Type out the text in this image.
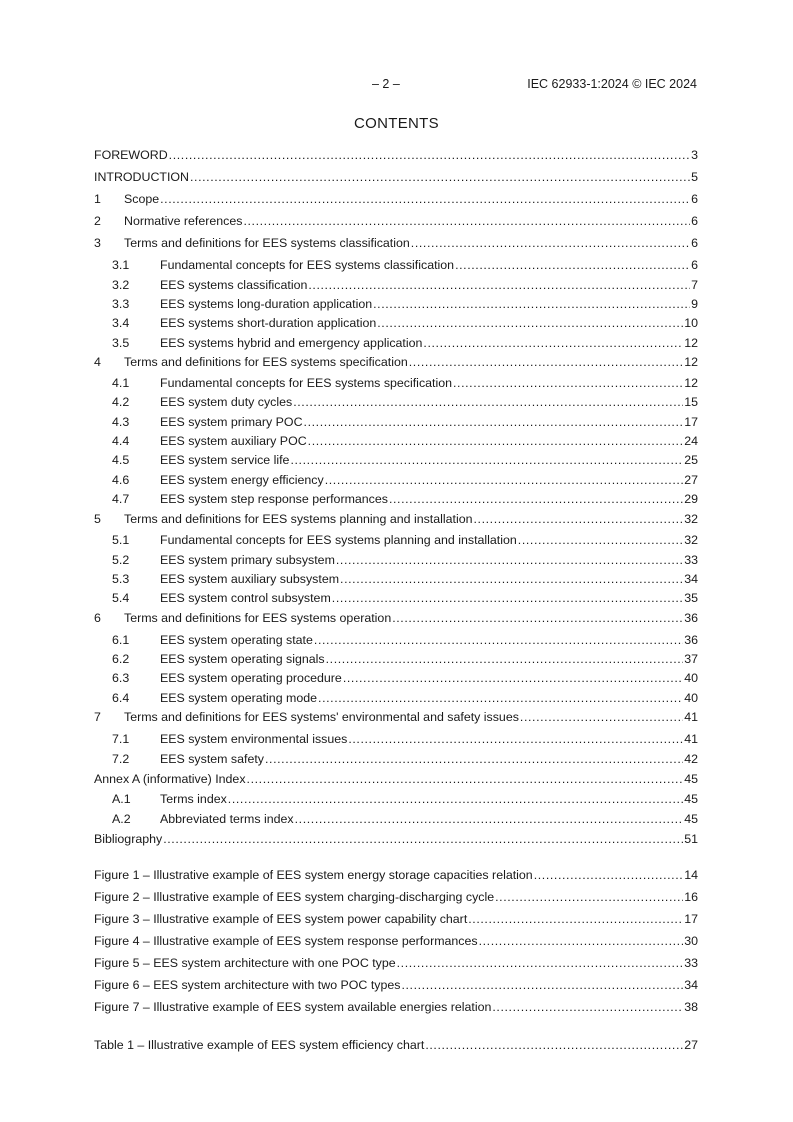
– 2 –	IEC 62933-1:2024 © IEC 2024
CONTENTS
FOREWORD .....	3
INTRODUCTION .....	5
1	Scope .....	6
2	Normative references .....	6
3	Terms and definitions for EES systems classification .....	6
3.1	Fundamental concepts for EES systems classification .....	6
3.2	EES systems classification .....	7
3.3	EES systems long-duration application .....	9
3.4	EES systems short-duration application .....	10
3.5	EES systems hybrid and emergency application .....	12
4	Terms and definitions for EES systems specification .....	12
4.1	Fundamental concepts for EES systems specification .....	12
4.2	EES system duty cycles .....	15
4.3	EES system primary POC .....	17
4.4	EES system auxiliary POC .....	24
4.5	EES system service life .....	25
4.6	EES system energy efficiency .....	27
4.7	EES system step response performances .....	29
5	Terms and definitions for EES systems planning and installation .....	32
5.1	Fundamental concepts for EES systems planning and installation .....	32
5.2	EES system primary subsystem .....	33
5.3	EES system auxiliary subsystem .....	34
5.4	EES system control subsystem .....	35
6	Terms and definitions for EES systems operation .....	36
6.1	EES system operating state .....	36
6.2	EES system operating signals .....	37
6.3	EES system operating procedure .....	40
6.4	EES system operating mode .....	40
7	Terms and definitions for EES systems' environmental and safety issues .....	41
7.1	EES system environmental issues .....	41
7.2	EES system safety .....	42
Annex A (informative) Index .....	45
A.1	Terms index .....	45
A.2	Abbreviated terms index .....	45
Bibliography .....	51
Figure 1 – Illustrative example of EES system energy storage capacities relation .....	14
Figure 2 – Illustrative example of EES system charging-discharging cycle .....	16
Figure 3 – Illustrative example of EES system power capability chart .....	17
Figure 4 – Illustrative example of EES system response performances .....	30
Figure 5 – EES system architecture with one POC type .....	33
Figure 6 – EES system architecture with two POC types .....	34
Figure 7 – Illustrative example of EES system available energies relation .....	38
Table 1 – Illustrative example of EES system efficiency chart .....	27
